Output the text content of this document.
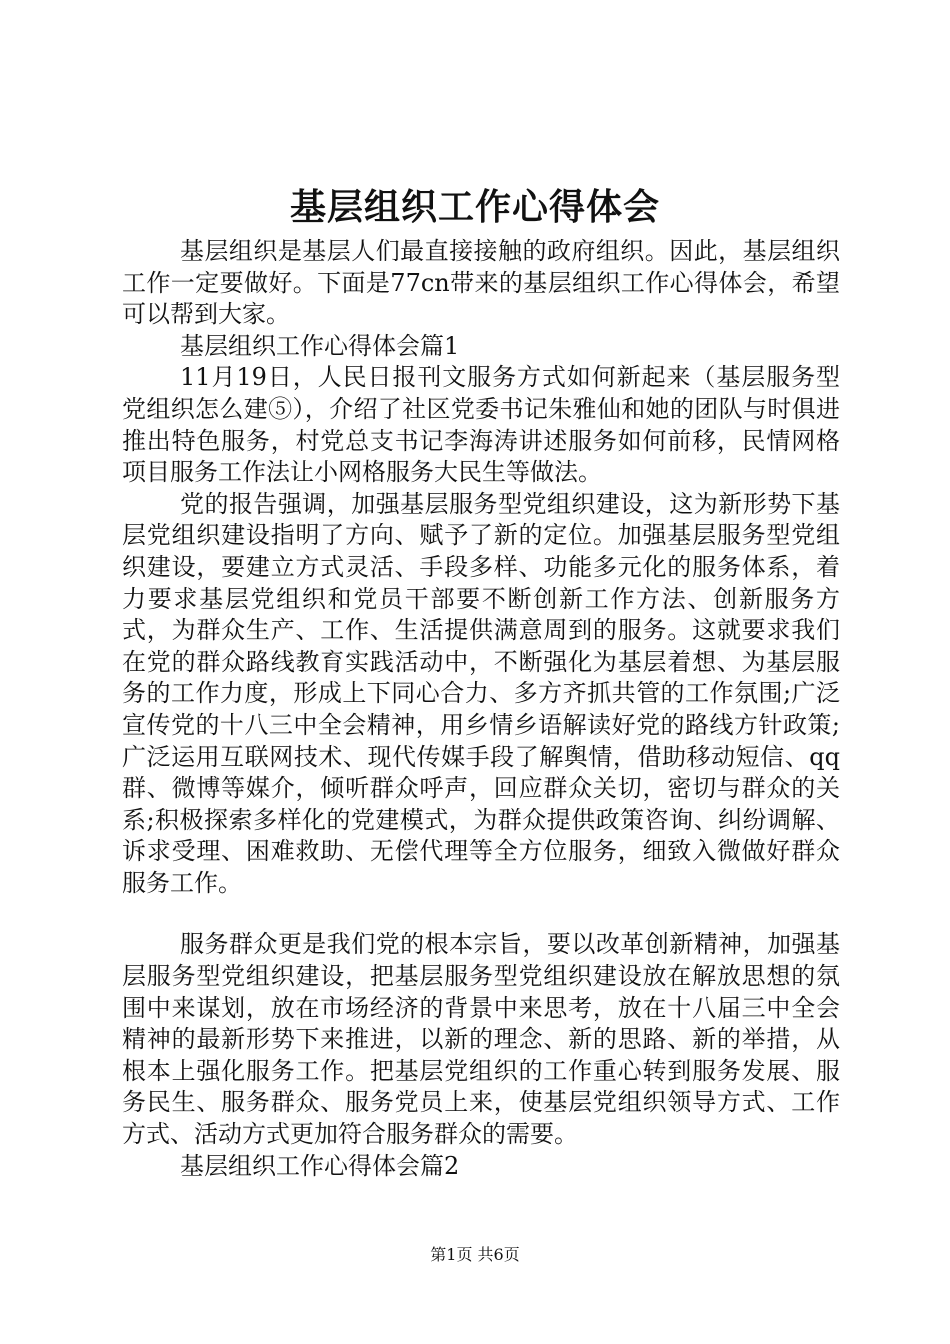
基层组织工作心得体会

基层组织是基层人们最直接接触的政府组织。因此，基层组织工作一定要做好。下面是77cn带来的基层组织工作心得体会，希望可以帮到大家。

基层组织工作心得体会篇1

11月19日，人民日报刊文服务方式如何新起来（基层服务型党组织怎么建⑤），介绍了社区党委书记朱雅仙和她的团队与时俱进推出特色服务，村党总支书记李海涛讲述服务如何前移，民情网格项目服务工作法让小网格服务大民生等做法。

党的报告强调，加强基层服务型党组织建设，这为新形势下基层党组织建设指明了方向、赋予了新的定位。加强基层服务型党组织建设，要建立方式灵活、手段多样、功能多元化的服务体系，着力要求基层党组织和党员干部要不断创新工作方法、创新服务方式，为群众生产、工作、生活提供满意周到的服务。这就要求我们在党的群众路线教育实践活动中，不断强化为基层着想、为基层服务的工作力度，形成上下同心合力、多方齐抓共管的工作氛围;广泛宣传党的十八三中全会精神，用乡情乡语解读好党的路线方针政策;广泛运用互联网技术、现代传媒手段了解舆情，借助移动短信、qq群、微博等媒介，倾听群众呼声，回应群众关切，密切与群众的关系;积极探索多样化的党建模式，为群众提供政策咨询、纠纷调解、诉求受理、困难救助、无偿代理等全方位服务，细致入微做好群众服务工作。

服务群众更是我们党的根本宗旨，要以改革创新精神，加强基层服务型党组织建设，把基层服务型党组织建设放在解放思想的氛围中来谋划，放在市场经济的背景中来思考，放在十八届三中全会精神的最新形势下来推进，以新的理念、新的思路、新的举措，从根本上强化服务工作。把基层党组织的工作重心转到服务发展、服务民生、服务群众、服务党员上来，使基层党组织领导方式、工作方式、活动方式更加符合服务群众的需要。

基层组织工作心得体会篇2

第1页 共6页
